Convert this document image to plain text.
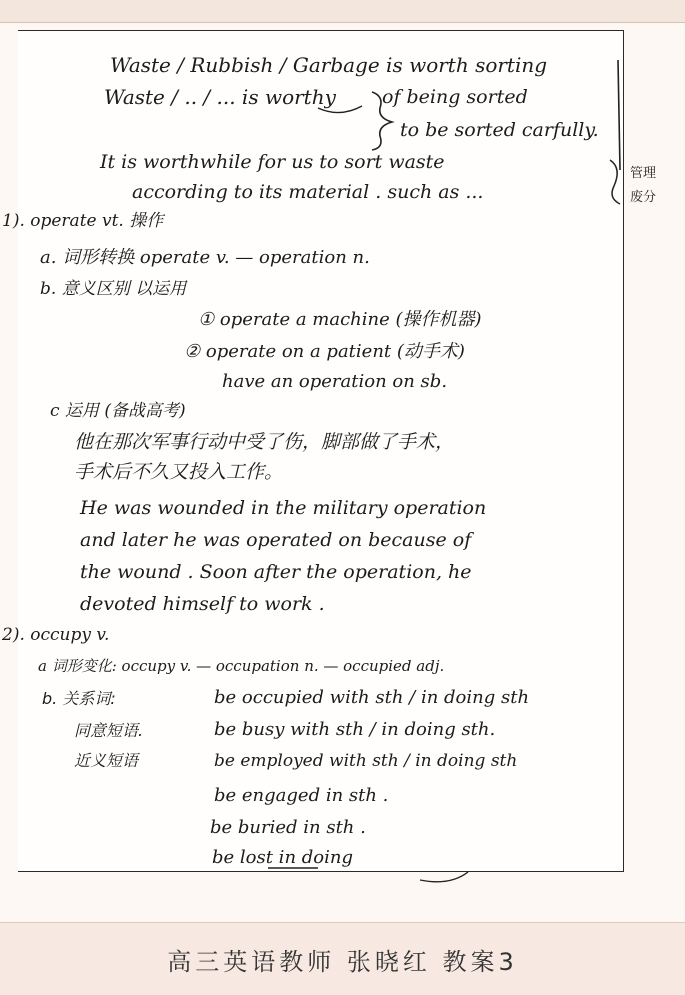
Waste / Rubbish / Garbage is worth sorting
Waste / .. / ... is worthy of being sorted
to be sorted carfully.
It is worthwhile for us to sort waste
according to its material . such as ...
管理
废分
1). operate vt. 操作
a. 词形转换 operate v. — operation n.
b. 意义区别 以运用
① operate a machine (操作机器)
② operate on a patient (动手术)
have an operation on sb.
c 运用 (备战高考)
他在那次军事行动中受了伤，脚部做了手术，
手术后不久又投入工作。
He was wounded in the military operation
and later he was operated on because of
the wound . Soon after the operation, he
devoted himself to work .
2). occupy v.
a 词形变化: occupy v. — occupation n. — occupied adj.
b. 关系词:	be occupied with sth / in doing sth
同意短语.	be busy with sth / in doing sth.
近义短语	be employed with sth / in doing sth
be engaged in sth .
be buried in sth .
be lost in doing
高三英语教师 张晓红 教案3
